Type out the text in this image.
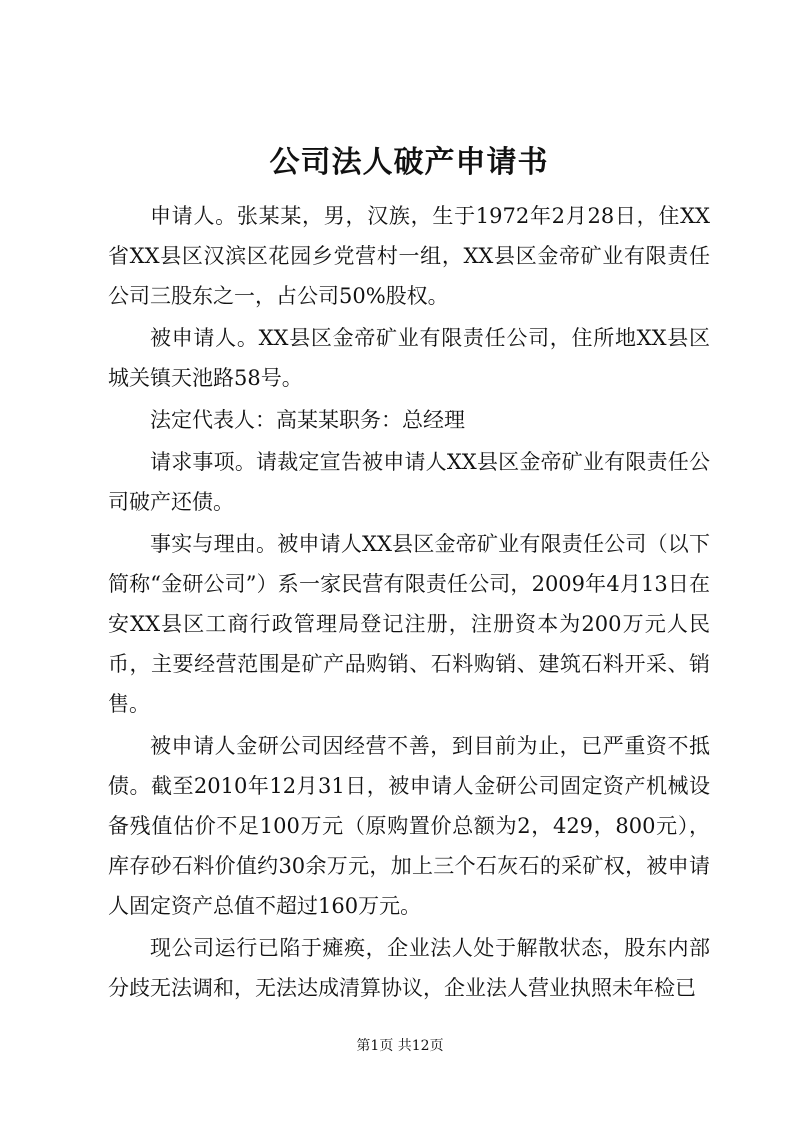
公司法人破产申请书

申请人。张某某，男，汉族，生于1972年2月28日，住XX省XX县区汉滨区花园乡党营村一组，XX县区金帝矿业有限责任公司三股东之一，占公司50%股权。

被申请人。XX县区金帝矿业有限责任公司，住所地XX县区城关镇天池路58号。

法定代表人：高某某职务：总经理

请求事项。请裁定宣告被申请人XX县区金帝矿业有限责任公司破产还债。

事实与理由。被申请人XX县区金帝矿业有限责任公司（以下简称“金研公司”）系一家民营有限责任公司，2009年4月13日在安XX县区工商行政管理局登记注册，注册资本为200万元人民币，主要经营范围是矿产品购销、石料购销、建筑石料开采、销售。

被申请人金研公司因经营不善，到目前为止，已严重资不抵债。截至2010年12月31日，被申请人金研公司固定资产机械设备残值估价不足100万元（原购置价总额为2，429，800元），库存砂石料价值约30余万元，加上三个石灰石的采矿权，被申请人固定资产总值不超过160万元。

现公司运行已陷于瘫痪，企业法人处于解散状态，股东内部分歧无法调和，无法达成清算协议，企业法人营业执照未年检已

第1页 共12页
